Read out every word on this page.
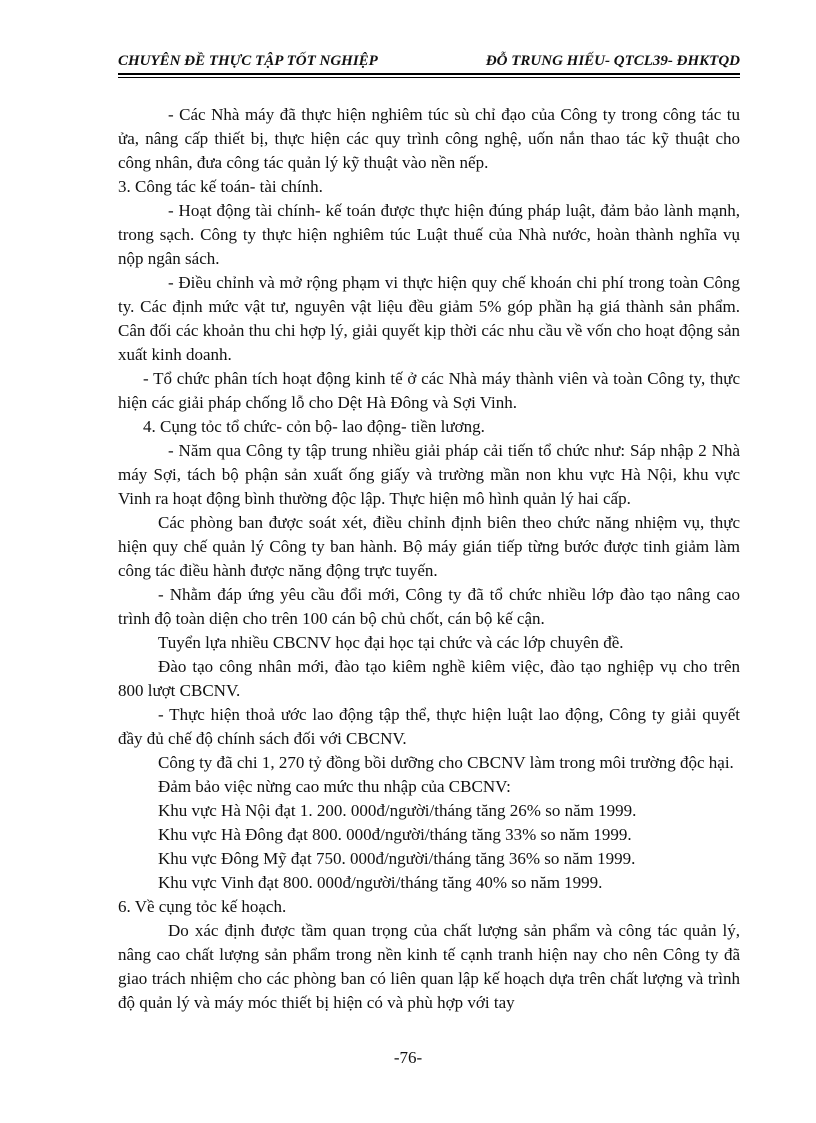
CHUYÊN ĐỀ THỰC TẬP TỐT NGHIỆP	ĐỖ TRUNG HIẾU- QTCL39- ĐHKTQD

- Các Nhà máy đã thực hiện nghiêm túc sù chỉ đạo của Công ty trong công tác tu ửa, nâng cấp thiết bị, thực hiện các quy trình công nghệ, uốn nắn thao tác kỹ thuật cho công nhân, đưa công tác quản lý kỹ thuật vào nền nếp.

3. Công tác kế toán- tài chính.

- Hoạt động tài chính- kế toán được thực hiện đúng pháp luật, đảm bảo lành mạnh, trong sạch. Công ty thực hiện nghiêm túc Luật thuế của Nhà nước, hoàn thành nghĩa vụ nộp ngân sách.

- Điều chỉnh và mở rộng phạm vi thực hiện quy chế khoán chi phí trong toàn Công ty. Các định mức vật tư, nguyên vật liệu đều giảm 5% góp phần hạ giá thành sản phẩm. Cân đối các khoản thu chi hợp lý, giải quyết kịp thời các nhu cầu về vốn cho hoạt động sản xuất kinh doanh.

- Tổ chức phân tích hoạt động kinh tế ở các Nhà máy thành viên và toàn Công ty, thực hiện các giải pháp chống lỗ cho Dệt Hà Đông và Sợi Vinh.

4. Cụng tỏc tổ chức- cỏn bộ- lao động- tiền lương.

- Năm qua Công ty tập trung nhiều giải pháp cải tiến tổ chức như: Sáp nhập 2 Nhà máy Sợi, tách bộ phận sản xuất ống giấy và trường mần non khu vực Hà Nội, khu vực Vinh ra hoạt động bình thường độc lập. Thực hiện mô hình quản lý hai cấp.

Các phòng ban được soát xét, điều chỉnh định biên theo chức năng nhiệm vụ, thực hiện quy chế quản lý Công ty ban hành. Bộ máy gián tiếp từng bước được tinh giảm làm công tác điều hành được năng động trực tuyến.

- Nhằm đáp ứng yêu cầu đổi mới, Công ty đã tổ chức nhiều lớp đào tạo nâng cao trình độ toàn diện cho trên 100 cán bộ chủ chốt, cán bộ kế cận.

Tuyển lựa nhiều CBCNV học đại học tại chức và các lớp chuyên đề.

Đào tạo công nhân mới, đào tạo kiêm nghề kiêm việc, đào tạo nghiệp vụ cho trên 800 lượt CBCNV.

- Thực hiện thoả ước lao động tập thể, thực hiện luật lao động, Công ty giải quyết đầy đủ chế độ chính sách đối với CBCNV.

Công ty đã chi 1, 270 tỷ đồng bồi dưỡng cho CBCNV làm trong môi trường độc hại.

Đảm bảo việc nừng cao mức thu nhập của CBCNV:

Khu vực Hà Nội đạt 1. 200. 000đ/người/tháng tăng 26% so năm 1999.

Khu vực Hà Đông đạt 800. 000đ/người/tháng tăng 33% so năm 1999.

Khu vực Đông Mỹ đạt 750. 000đ/người/tháng tăng 36% so năm 1999.

Khu vực Vinh đạt 800. 000đ/người/tháng tăng 40% so năm 1999.

6. Về cụng tỏc kế hoạch.

Do xác định được tầm quan trọng của chất lượng sản phẩm và công tác quản lý, nâng cao chất lượng sản phẩm trong nền kinh tế cạnh tranh hiện nay cho nên Công ty đã giao trách nhiệm cho các phòng ban có liên quan lập kế hoạch dựa trên chất lượng và trình độ quản lý và máy móc thiết bị hiện có và phù hợp với tay

-76-
